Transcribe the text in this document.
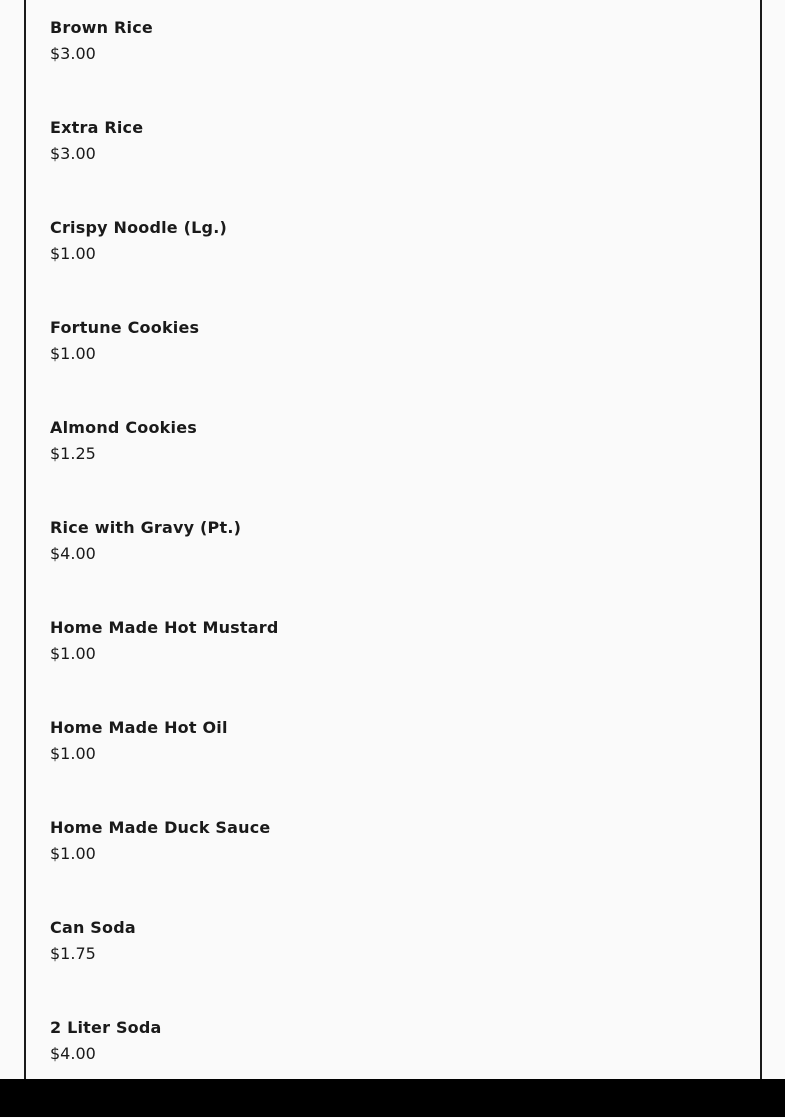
Brown Rice
$3.00
Extra Rice
$3.00
Crispy Noodle (Lg.)
$1.00
Fortune Cookies
$1.00
Almond Cookies
$1.25
Rice with Gravy (Pt.)
$4.00
Home Made Hot Mustard
$1.00
Home Made Hot Oil
$1.00
Home Made Duck Sauce
$1.00
Can Soda
$1.75
2 Liter Soda
$4.00
